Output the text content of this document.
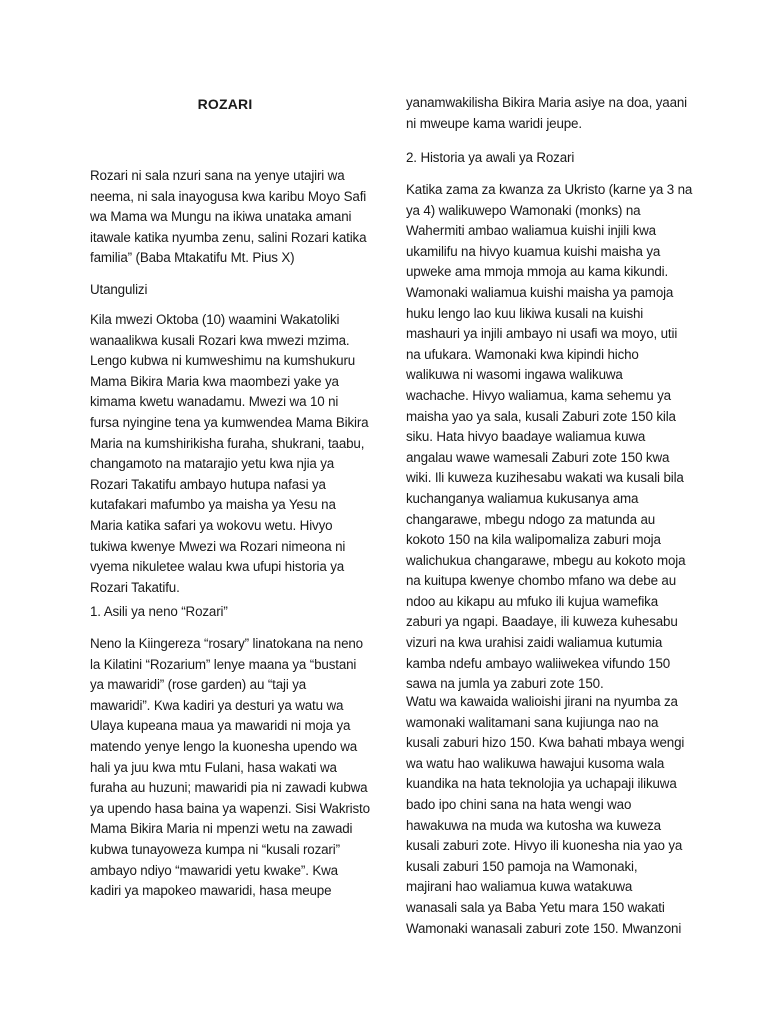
ROZARI
Rozari ni sala nzuri sana na yenye utajiri wa
neema, ni sala inayogusa kwa karibu Moyo Safi
wa Mama wa Mungu na ikiwa unataka amani
itawale katika nyumba zenu, salini Rozari katika
familia” (Baba Mtakatifu Mt. Pius X)
Utangulizi
Kila mwezi Oktoba (10) waamini Wakatoliki
wanaalikwa kusali Rozari kwa mwezi mzima.
Lengo kubwa ni kumweshimu na kumshukuru
Mama Bikira Maria kwa maombezi yake ya
kimama kwetu wanadamu. Mwezi wa 10 ni
fursa nyingine tena ya kumwendea Mama Bikira
Maria na kumshirikisha furaha, shukrani, taabu,
changamoto na matarajio yetu kwa njia ya
Rozari Takatifu ambayo hutupa nafasi ya
kutafakari mafumbo ya maisha ya Yesu na
Maria katika safari ya wokovu wetu. Hivyo
tukiwa kwenye Mwezi wa Rozari nimeona ni
vyema nikuletee walau kwa ufupi historia ya
Rozari Takatifu.
1. Asili ya neno “Rozari”
Neno la Kiingereza “rosary” linatokana na neno
la Kilatini “Rozarium” lenye maana ya “bustani
ya mawaridi” (rose garden) au “taji ya
mawaridi”. Kwa kadiri ya desturi ya watu wa
Ulaya kupeana maua ya mawaridi ni moja ya
matendo yenye lengo la kuonesha upendo wa
hali ya juu kwa mtu Fulani, hasa wakati wa
furaha au huzuni; mawaridi pia ni zawadi kubwa
ya upendo hasa baina ya wapenzi. Sisi Wakristo
Mama Bikira Maria ni mpenzi wetu na zawadi
kubwa tunayoweza kumpa ni “kusali rozari”
ambayo ndiyo “mawaridi yetu kwake”. Kwa
kadiri ya mapokeo mawaridi, hasa meupe
yanamwakilisha Bikira Maria asiye na doa, yaani
ni mweupe kama waridi jeupe.
2. Historia ya awali ya Rozari
Katika zama za kwanza za Ukristo (karne ya 3 na
ya 4) walikuwepo Wamonaki (monks) na
Wahermiti ambao waliamua kuishi injili kwa
ukamilifu na hivyo kuamua kuishi maisha ya
upweke ama mmoja mmoja au kama kikundi.
Wamonaki waliamua kuishi maisha ya pamoja
huku lengo lao kuu likiwa kusali na kuishi
mashauri ya injili ambayo ni usafi wa moyo, utii
na ufukara. Wamonaki kwa kipindi hicho
walikuwa ni wasomi ingawa walikuwa
wachache. Hivyo waliamua, kama sehemu ya
maisha yao ya sala, kusali Zaburi zote 150 kila
siku. Hata hivyo baadaye waliamua kuwa
angalau wawe wamesali Zaburi zote 150 kwa
wiki. Ili kuweza kuzihesabu wakati wa kusali bila
kuchanganya waliamua kukusanya ama
changarawe, mbegu ndogo za matunda au
kokoto 150 na kila walipomaliza zaburi moja
walichukua changarawe, mbegu au kokoto moja
na kuitupa kwenye chombo mfano wa debe au
ndoo au kikapu au mfuko ili kujua wamefika
zaburi ya ngapi. Baadaye, ili kuweza kuhesabu
vizuri na kwa urahisi zaidi waliamua kutumia
kamba ndefu ambayo waliiwekea vifundo 150
sawa na jumla ya zaburi zote 150.
Watu wa kawaida walioishi jirani na nyumba za
wamonaki walitamani sana kujiunga nao na
kusali zaburi hizo 150. Kwa bahati mbaya wengi
wa watu hao walikuwa hawajui kusoma wala
kuandika na hata teknolojia ya uchapaji ilikuwa
bado ipo chini sana na hata wengi wao
hawakuwa na muda wa kutosha wa kuweza
kusali zaburi zote. Hivyo ili kuonesha nia yao ya
kusali zaburi 150 pamoja na Wamonaki,
majirani hao waliamua kuwa watakuwa
wanasali sala ya Baba Yetu mara 150 wakati
Wamonaki wanasali zaburi zote 150. Mwanzoni
